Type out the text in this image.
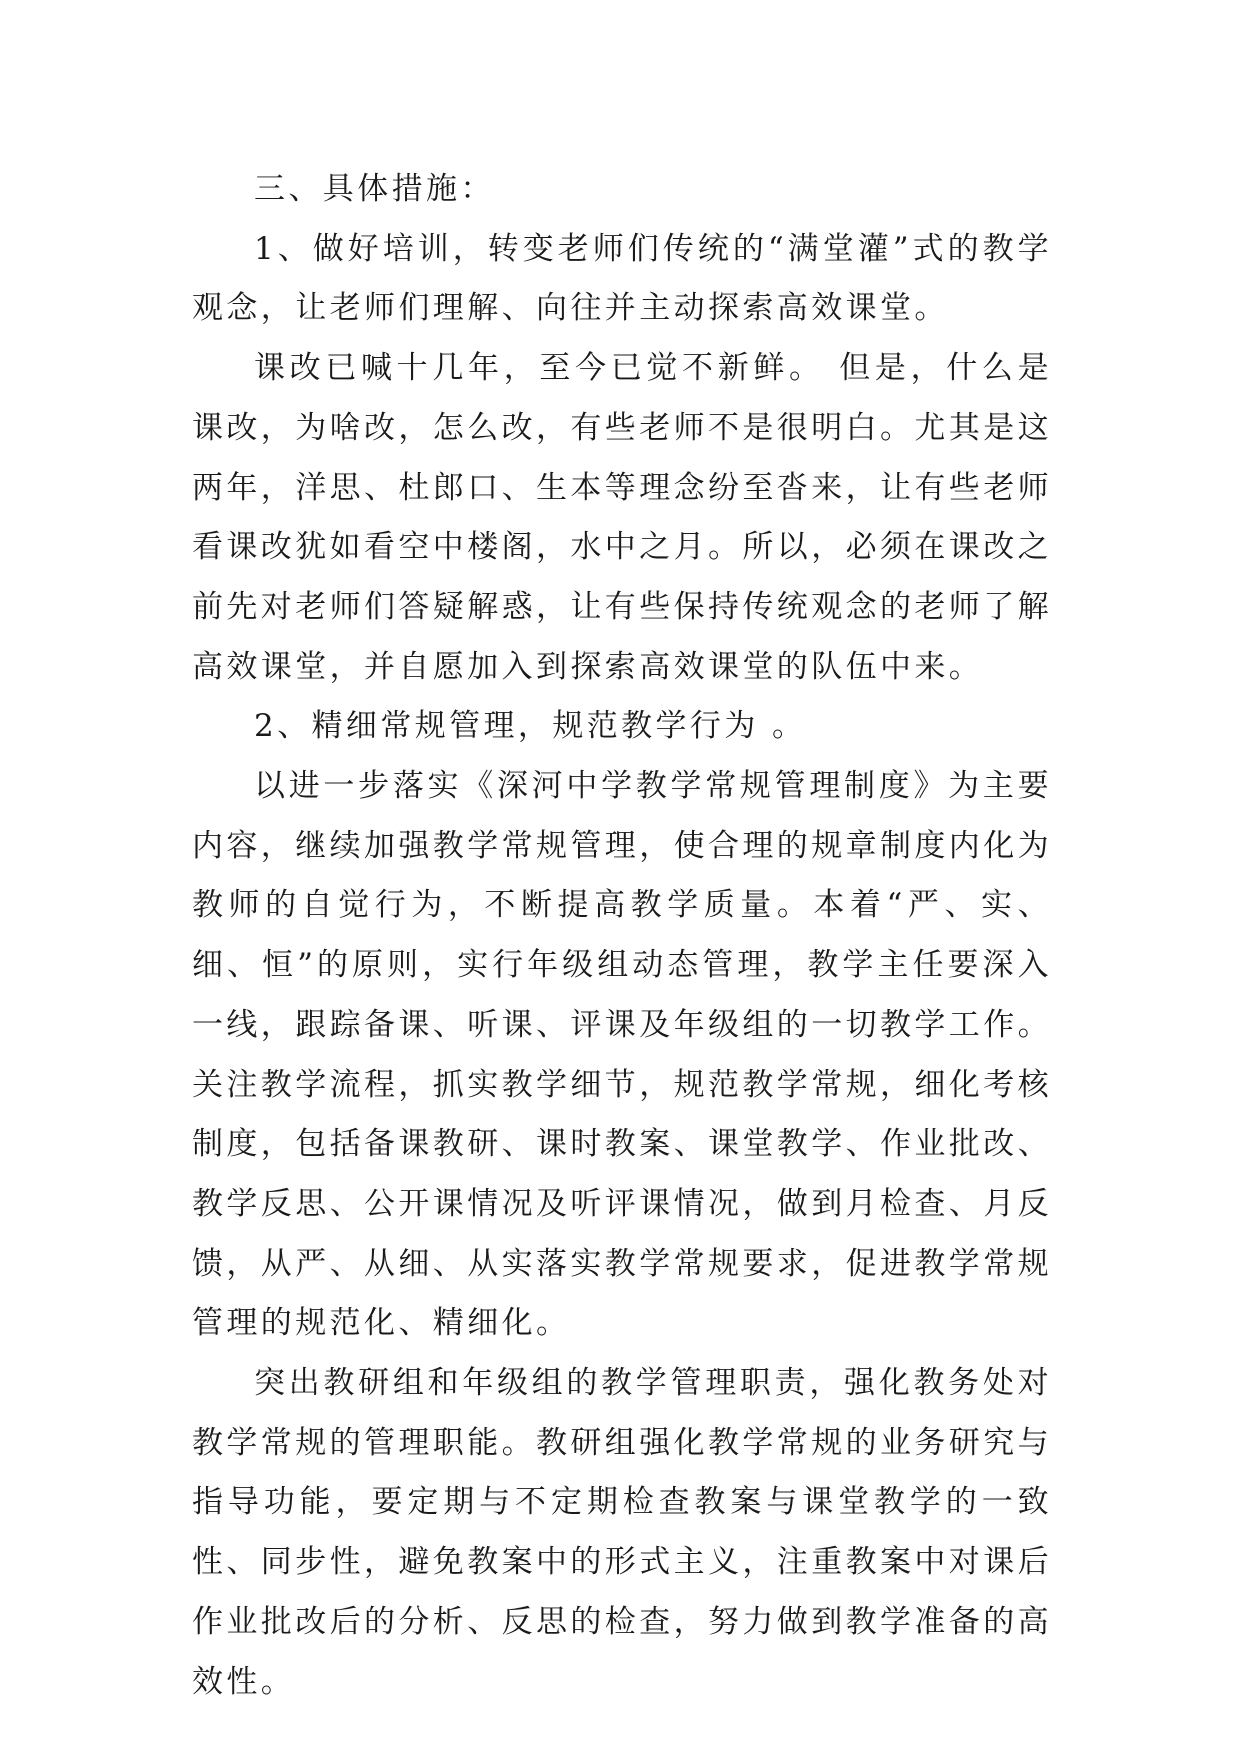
三、具体措施：

1、做好培训，转变老师们传统的“满堂灌”式的教学观念，让老师们理解、向往并主动探索高效课堂。

课改已喊十几年，至今已觉不新鲜。 但是，什么是课改，为啥改，怎么改，有些老师不是很明白。尤其是这两年，洋思、杜郎口、生本等理念纷至沓来，让有些老师看课改犹如看空中楼阁，水中之月。所以，必须在课改之前先对老师们答疑解惑，让有些保持传统观念的老师了解高效课堂，并自愿加入到探索高效课堂的队伍中来。

2、精细常规管理，规范教学行为 。

以进一步落实《深河中学教学常规管理制度》为主要内容，继续加强教学常规管理，使合理的规章制度内化为教师的自觉行为，不断提高教学质量。本着“严、实、细、恒”的原则，实行年级组动态管理，教学主任要深入一线，跟踪备课、听课、评课及年级组的一切教学工作。关注教学流程，抓实教学细节，规范教学常规，细化考核制度，包括备课教研、课时教案、课堂教学、作业批改、教学反思、公开课情况及听评课情况，做到月检查、月反馈，从严、从细、从实落实教学常规要求，促进教学常规管理的规范化、精细化。

突出教研组和年级组的教学管理职责，强化教务处对教学常规的管理职能。教研组强化教学常规的业务研究与指导功能，要定期与不定期检查教案与课堂教学的一致性、同步性，避免教案中的形式主义，注重教案中对课后作业批改后的分析、反思的检查，努力做到教学准备的高效性。
